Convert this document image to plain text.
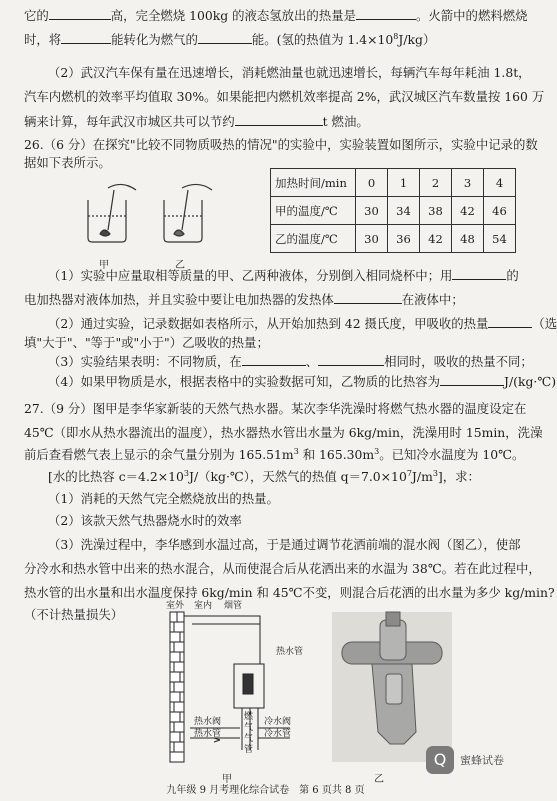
它的	高，完全燃烧 100kg 的液态氢放出的热量是	。火箭中的燃料燃烧
时，将	能转化为燃气的	能。(氢的热值为 $1.4\times 10^8J/kg$）
（2）武汉汽车保有量在迅速增长，消耗燃油量也就迅速增长，每辆汽车每年耗油 1.8t，
汽车内燃机的效率平均值取 30%。如果能把内燃机效率提高 2%，武汉城区汽车数量按 160 万
辆来计算，每年武汉市城区共可以节约	t 燃油。
26.（6 分）在探究"比较不同物质吸热的情况"的实验中，实验装置如图所示，实验中记录的数
据如下表所示。
甲	乙
加热时间/min	0	1	2	3	4
甲的温度/℃	30	34	38	42	46
乙的温度/℃	30	36	42	48	54
（1）实验中应量取相等质量的甲、乙两种液体，分别倒入相同烧杯中；用	的
电加热器对液体加热，并且实验中要让电加热器的发热体	在液体中；
（2）通过实验，记录数据如表格所示，从开始加热到 42 摄氏度，甲吸收的热量	（选
填"大于"、"等于"或"小于"）乙吸收的热量；
（3）实验结果表明：不同物质，在	、	相同时，吸收的热量不同；
（4）如果甲物质是水，根据表格中的实验数据可知，乙物质的比热容为	J/(kg·℃)
27.（9 分）图甲是李华家新装的天然气热水器。某次李华洗澡时将燃气热水器的温度设定在
45℃（即水从热水器流出的温度），热水器热水管出水量为 6kg/min，洗澡用时 15min，洗澡
前后查看燃气表上显示的余气量分别为 $165.51m^3$ 和 $165.30m^3$。已知冷水温度为 10℃。
[水的比热容 $c=4.2\times 10^3J/(kg\cdot℃)$，天然气的热值 $q=7.0\times 10^7J/m^3$]，求：
（1）消耗的天然气完全燃烧放出的热量。
（2）该款天然气热器烧水时的效率
（3）洗澡过程中，李华感到水温过高，于是通过调节花洒前端的混水阀（图乙），使部
分冷水和热水管中出来的热水混合，从而使混合后从花洒出来的水温为 38℃。若在此过程中，
热水管的出水量和出水温度保持 6kg/min 和 45℃不变，则混合后花洒的出水量为多少 kg/min?
（不计热量损失）
室外 室内 烟管
热水管
热水阀
热水管
燃气
气管
冷水阀
冷水管
甲	乙
Q	蜜蜂试卷
九年级 9 月考理化综合试卷　第 6 页共 8 页
